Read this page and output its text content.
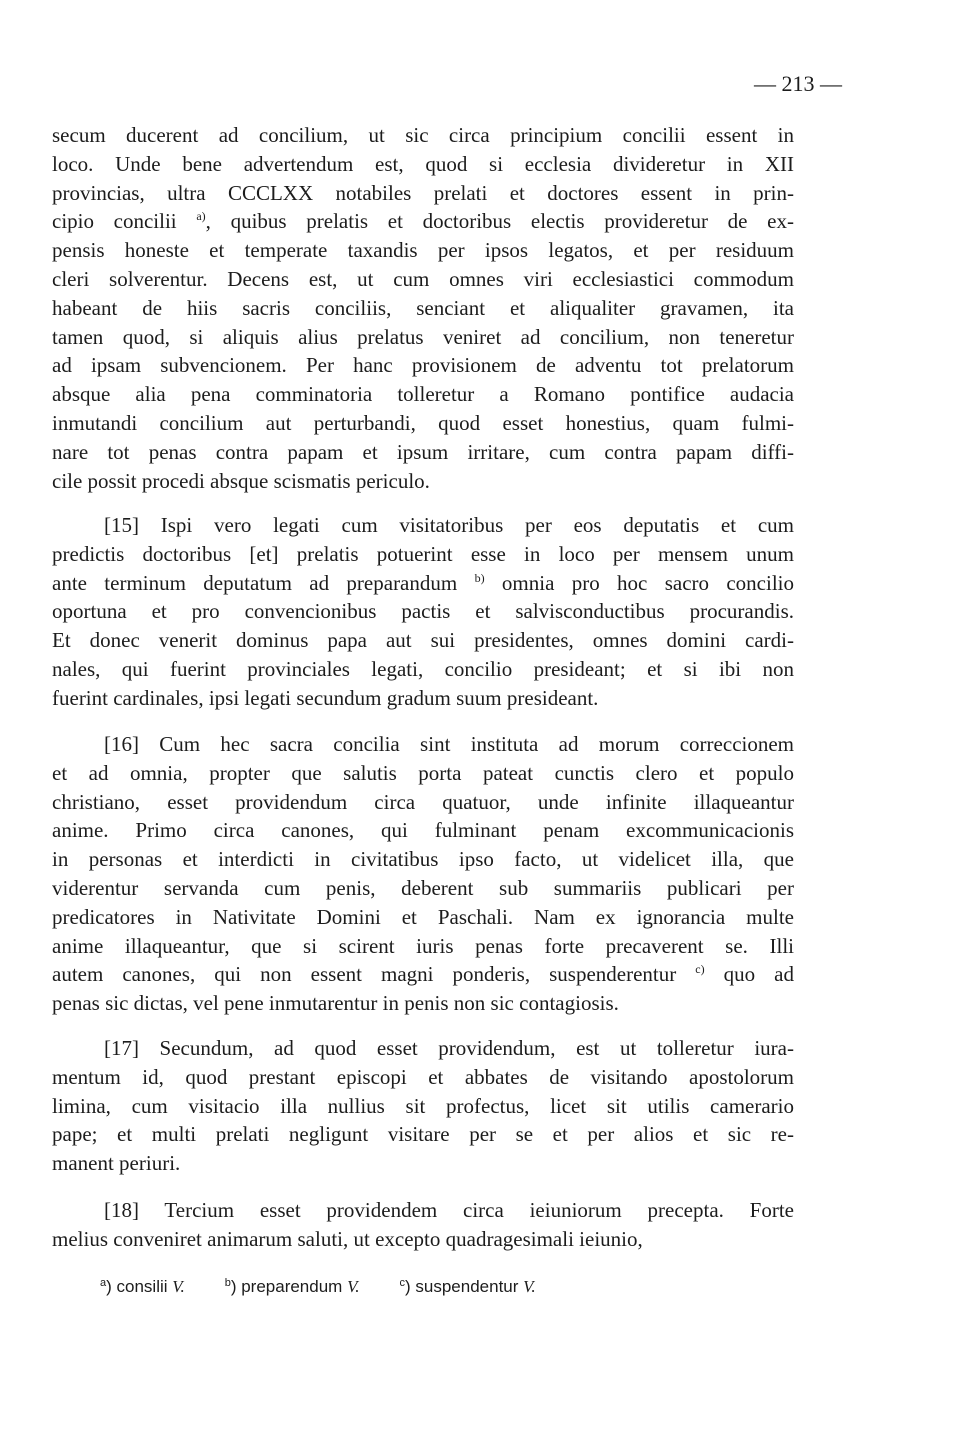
— 213 —
secum ducerent ad concilium, ut sic circa principium concilii essent in
loco. Unde bene advertendum est, quod si ecclesia divideretur in XII
provincias, ultra CCCLXX notabiles prelati et doctores essent in prin-
cipio concilii $^{a)}$, quibus prelatis et doctoribus electis provideretur de ex-
pensis honeste et temperate taxandis per ipsos legatos, et per residuum
cleri solverentur. Decens est, ut cum omnes viri ecclesiastici commodum
habeant de hiis sacris conciliis, senciant et aliqualiter gravamen, ita
tamen quod, si aliquis alius prelatus veniret ad concilium, non teneretur
ad ipsam subvencionem. Per hanc provisionem de adventu tot prelatorum
absque alia pena comminatoria tolleretur a Romano pontifice audacia
inmutandi concilium aut perturbandi, quod esset honestius, quam fulmi-
nare tot penas contra papam et ipsum irritare, cum contra papam diffi-
cile possit procedi absque scismatis periculo.
[15] Ispi vero legati cum visitatoribus per eos deputatis et cum
predictis doctoribus [et] prelatis potuerint esse in loco per mensem unum
ante terminum deputatum ad preparandum $^{b)}$ omnia pro hoc sacro concilio
oportuna et pro convencionibus pactis et salvisconductibus procurandis.
Et donec venerit dominus papa aut sui presidentes, omnes domini cardi-
nales, qui fuerint provinciales legati, concilio presideant; et si ibi non
fuerint cardinales, ipsi legati secundum gradum suum presideant.
[16] Cum hec sacra concilia sint instituta ad morum correccionem
et ad omnia, propter que salutis porta pateat cunctis clero et populo
christiano, esset providendum circa quatuor, unde infinite illaqueantur
anime. Primo circa canones, qui fulminant penam excommunicacionis
in personas et interdicti in civitatibus ipso facto, ut videlicet illa, que
viderentur servanda cum penis, deberent sub summariis publicari per
predicatores in Nativitate Domini et Paschali. Nam ex ignorancia multe
anime illaqueantur, que si scirent iuris penas forte precaverent se. Illi
autem canones, qui non essent magni ponderis, suspenderentur $^{c)}$ quo ad
penas sic dictas, vel pene inmutarentur in penis non sic contagiosis.
[17] Secundum, ad quod esset providendum, est ut tolleretur iura-
mentum id, quod prestant episcopi et abbates de visitando apostolorum
limina, cum visitacio illa nullius sit profectus, licet sit utilis camerario
pape; et multi prelati negligunt visitare per se et per alios et sic re-
manent periuri.
[18] Tercium esset providendem circa ieiuniorum precepta. Forte
melius conveniret animarum saluti, ut excepto quadragesimali ieiunio,
$^a$) consilii V.	$^b$) preparendum V.	$^c$) suspendentur V.
